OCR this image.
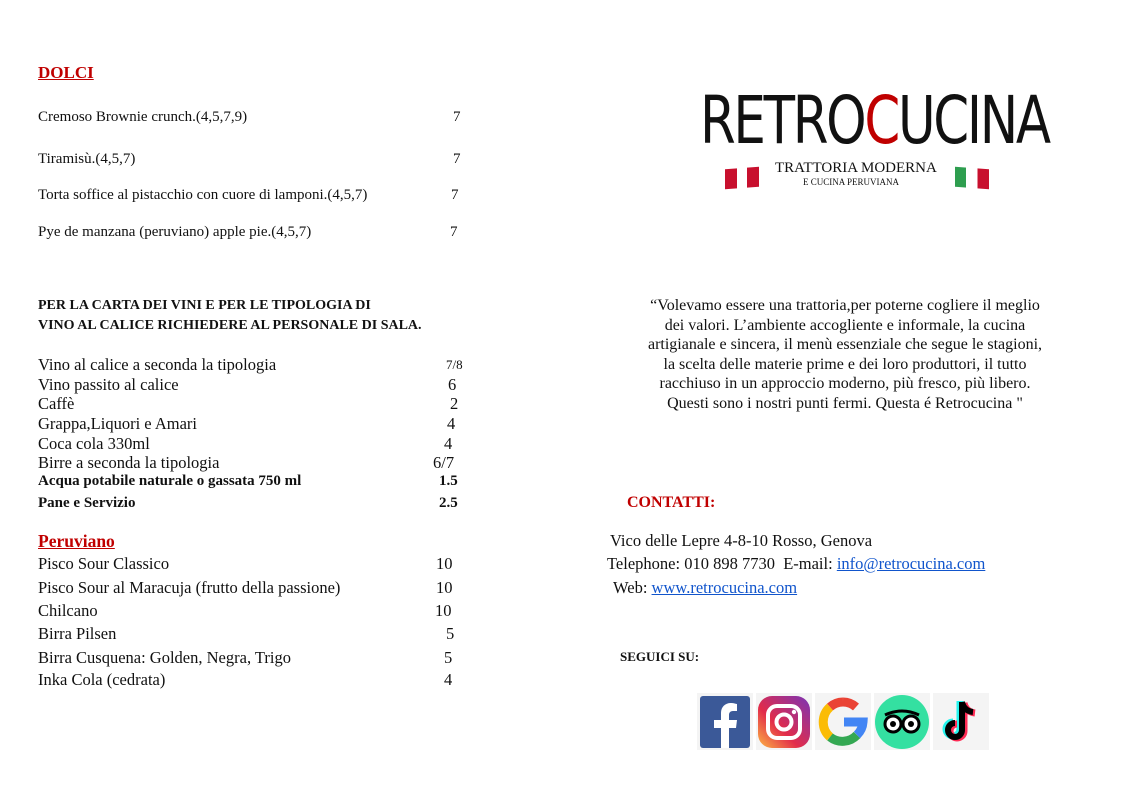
DOLCI
Cremoso Brownie crunch.(4,5,7,9)	7
Tiramisù.(4,5,7)	7
Torta soffice al pistacchio con cuore di lamponi.(4,5,7)	7
Pye de manzana (peruviano) apple pie.(4,5,7)	7
PER LA CARTA DEI VINI E PER LE TIPOLOGIA DI
VINO AL CALICE RICHIEDERE AL PERSONALE DI SALA.
Vino al calice a seconda la tipologia	7/8
Vino passito al calice	6
Caffè	2
Grappa,Liquori e Amari	4
Coca cola 330ml	4
Birre a seconda la tipologia	6/7
Acqua potabile naturale o gassata 750 ml	1.5
Pane e Servizio	2.5
Peruviano
Pisco Sour Classico	10
Pisco Sour al Maracuja (frutto della passione)	10
Chilcano	10
Birra Pilsen	5
Birra Cusquena: Golden, Negra, Trigo	5
Inka Cola (cedrata)	4
RETROCUCINA
TRATTORIA MODERNA
E CUCINA PERUVIANA
“Volevamo essere una trattoria,per poterne cogliere il meglio
dei valori. L’ambiente accogliente e informale, la cucina
artigianale e sincera, il menù essenziale che segue le stagioni,
la scelta delle materie prime e dei loro produttori, il tutto
racchiuso in un approccio moderno, più fresco, più libero.
Questi sono i nostri punti fermi. Questa é Retrocucina "
CONTATTI:
Vico delle Lepre 4-8-10 Rosso, Genova
Telephone: 010 898 7730  E-mail: info@retrocucina.com
Web: www.retrocucina.com
SEGUICI SU:
